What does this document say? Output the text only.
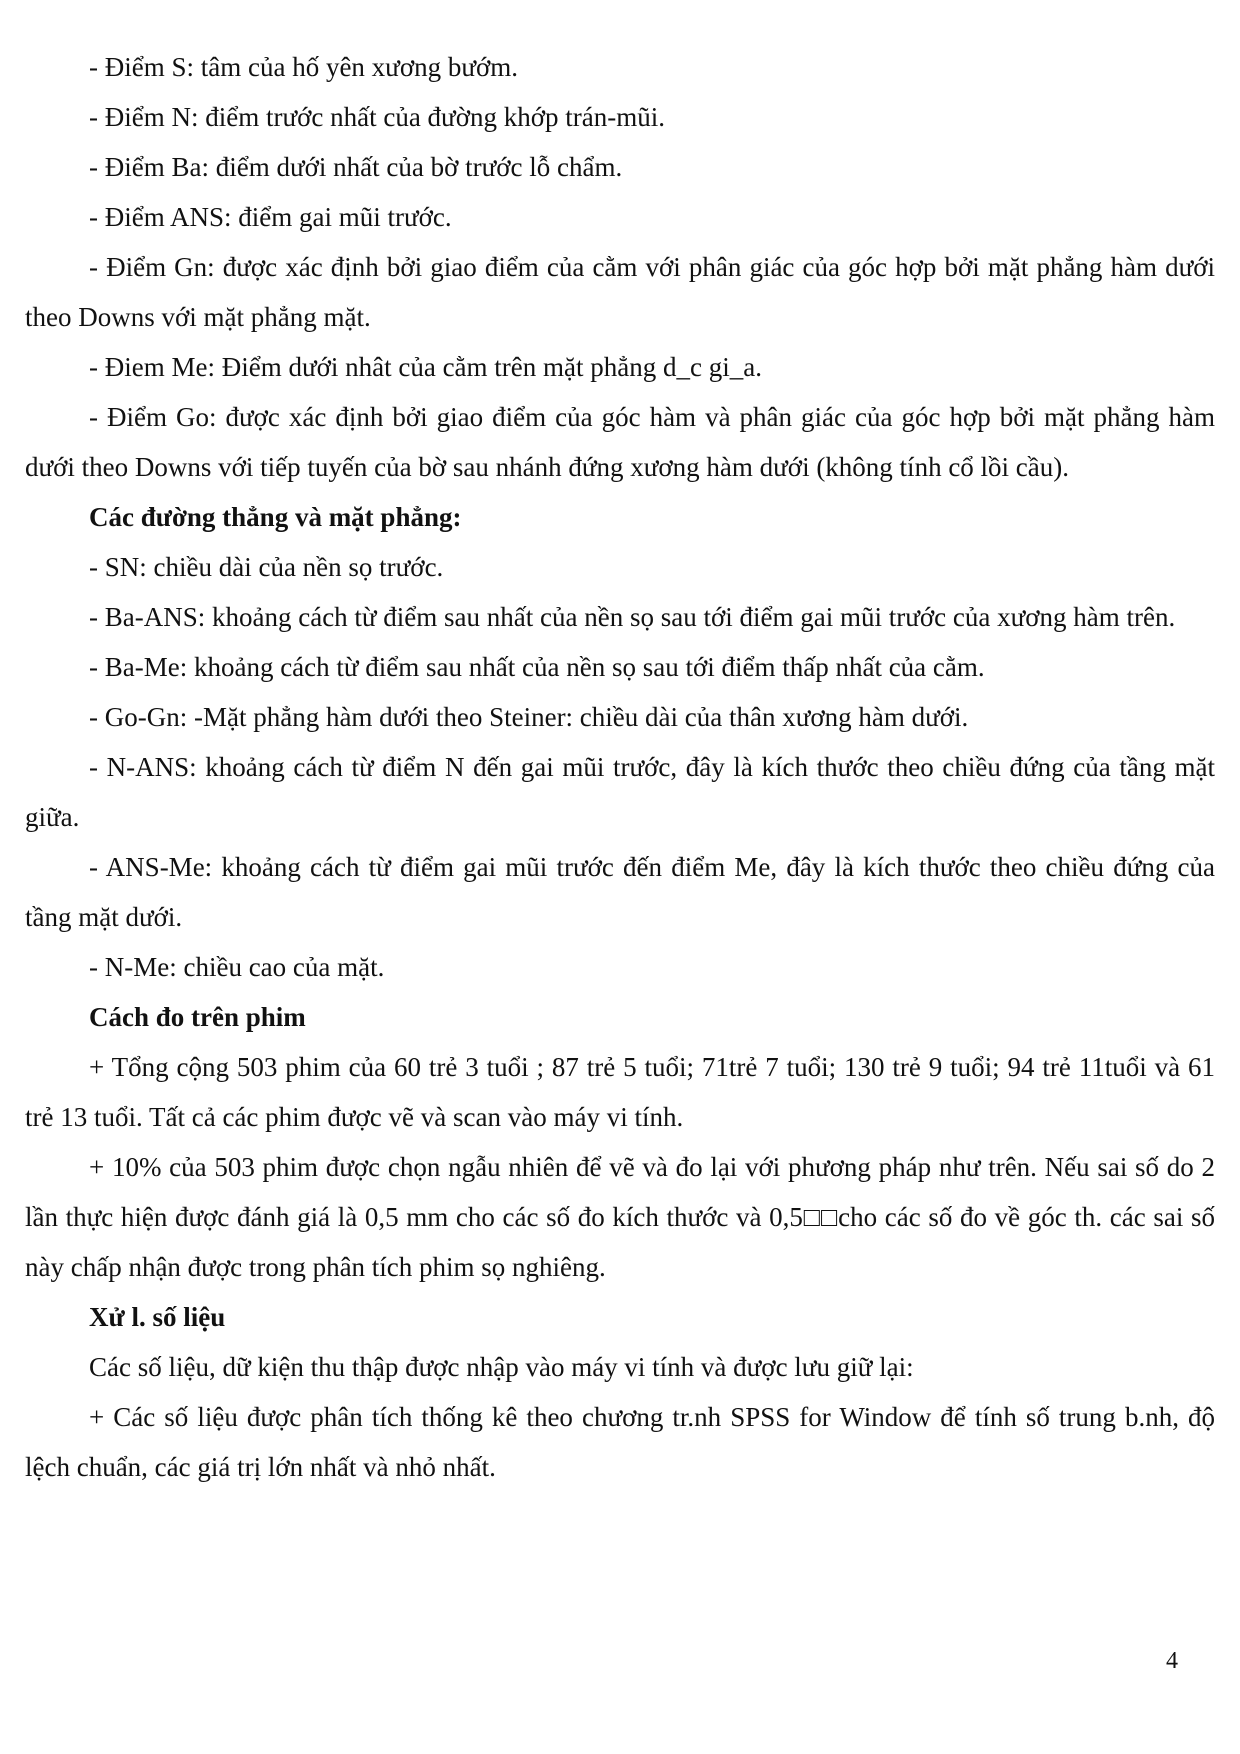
- Điểm S: tâm của hố yên xương bướm.

- Điểm N: điểm trước nhất của đường khớp trán-mũi.

- Điểm Ba: điểm dưới nhất của bờ trước lỗ chẩm.

- Điểm ANS: điểm gai mũi trước.

- Điểm Gn: được xác định bởi giao điểm của cằm với phân giác của góc hợp bởi mặt phẳng hàm dưới theo Downs với mặt phẳng mặt.

- Điem Me: Điểm dưới nhât của cằm trên mặt phẳng d_c gi_a.

- Điểm Go: được xác định bởi giao điểm của góc hàm và phân giác của góc hợp bởi mặt phẳng hàm dưới theo Downs với tiếp tuyến của bờ sau nhánh đứng xương hàm dưới (không tính cổ lồi cầu).

Các đường thẳng và mặt phẳng:

- SN: chiều dài của nền sọ trước.

- Ba-ANS: khoảng cách từ điểm sau nhất của nền sọ sau tới điểm gai mũi trước của xương hàm trên.

- Ba-Me: khoảng cách từ điểm sau nhất của nền sọ sau tới điểm thấp nhất của cằm.

- Go-Gn: -Mặt phẳng hàm dưới theo Steiner: chiều dài của thân xương hàm dưới.

- N-ANS: khoảng cách từ điểm N đến gai mũi trước, đây là kích thước theo chiều đứng của tầng mặt giữa.

- ANS-Me: khoảng cách từ điểm gai mũi trước đến điểm Me, đây là kích thước theo chiều đứng của tầng mặt dưới.

- N-Me: chiều cao của mặt.

Cách đo trên phim

+ Tổng cộng 503 phim của 60 trẻ 3 tuổi ; 87 trẻ 5 tuổi; 71trẻ 7 tuổi; 130 trẻ 9 tuổi; 94 trẻ 11tuổi và 61 trẻ 13 tuổi. Tất cả các phim được vẽ và scan vào máy vi tính.

+ 10% của 503 phim được chọn ngẫu nhiên để vẽ và đo lại với phương pháp như trên. Nếu sai số do 2 lần thực hiện được đánh giá là 0,5 mm cho các số đo kích thước và 0,5□□cho các số đo về góc th. các sai số này chấp nhận được trong phân tích phim sọ nghiêng.

Xử l. số liệu

Các số liệu, dữ kiện thu thập được nhập vào máy vi tính và được lưu giữ lại:

+ Các số liệu được phân tích thống kê theo chương tr.nh SPSS for Window để tính số trung b.nh, độ lệch chuẩn, các giá trị lớn nhất và nhỏ nhất.

4
